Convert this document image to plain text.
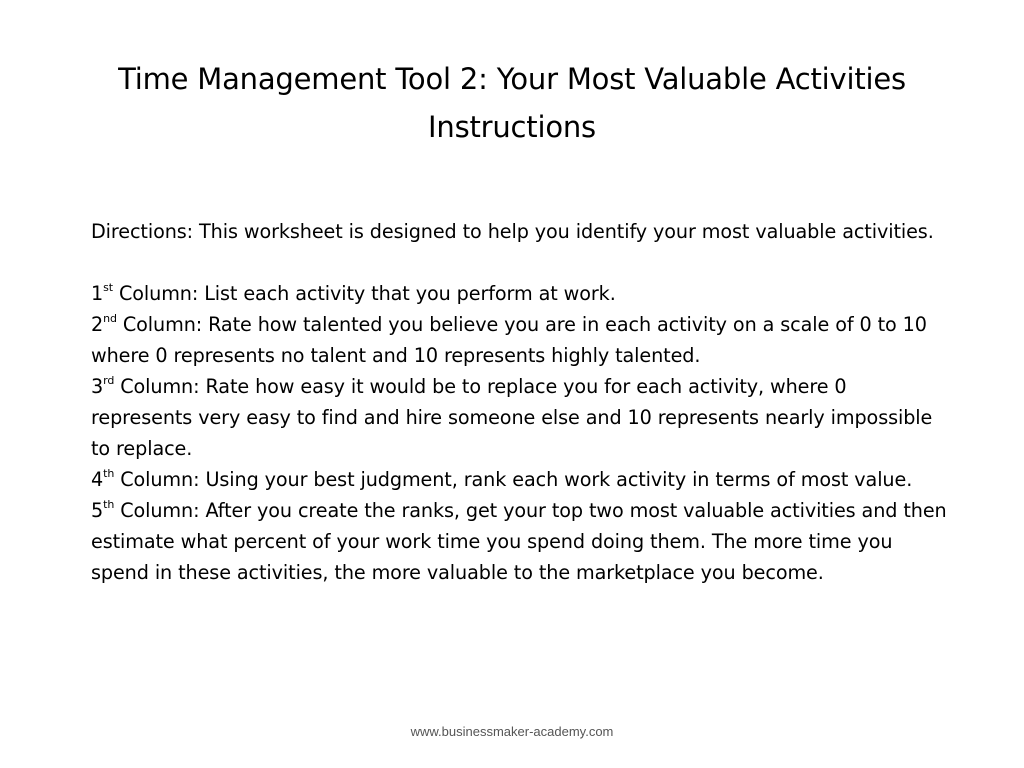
Time Management Tool 2: Your Most Valuable Activities
Instructions

Directions: This worksheet is designed to help you identify your most valuable activities.

1st Column: List each activity that you perform at work.

2nd Column: Rate how talented you believe you are in each activity on a scale of 0 to 10 where 0 represents no talent and 10 represents highly talented.

3rd Column: Rate how easy it would be to replace you for each activity, where 0 represents very easy to find and hire someone else and 10 represents nearly impossible to replace.

4th Column: Using your best judgment, rank each work activity in terms of most value.

5th Column: After you create the ranks, get your top two most valuable activities and then estimate what percent of your work time you spend doing them. The more time you spend in these activities, the more valuable to the marketplace you become.

www.businessmaker-academy.com
